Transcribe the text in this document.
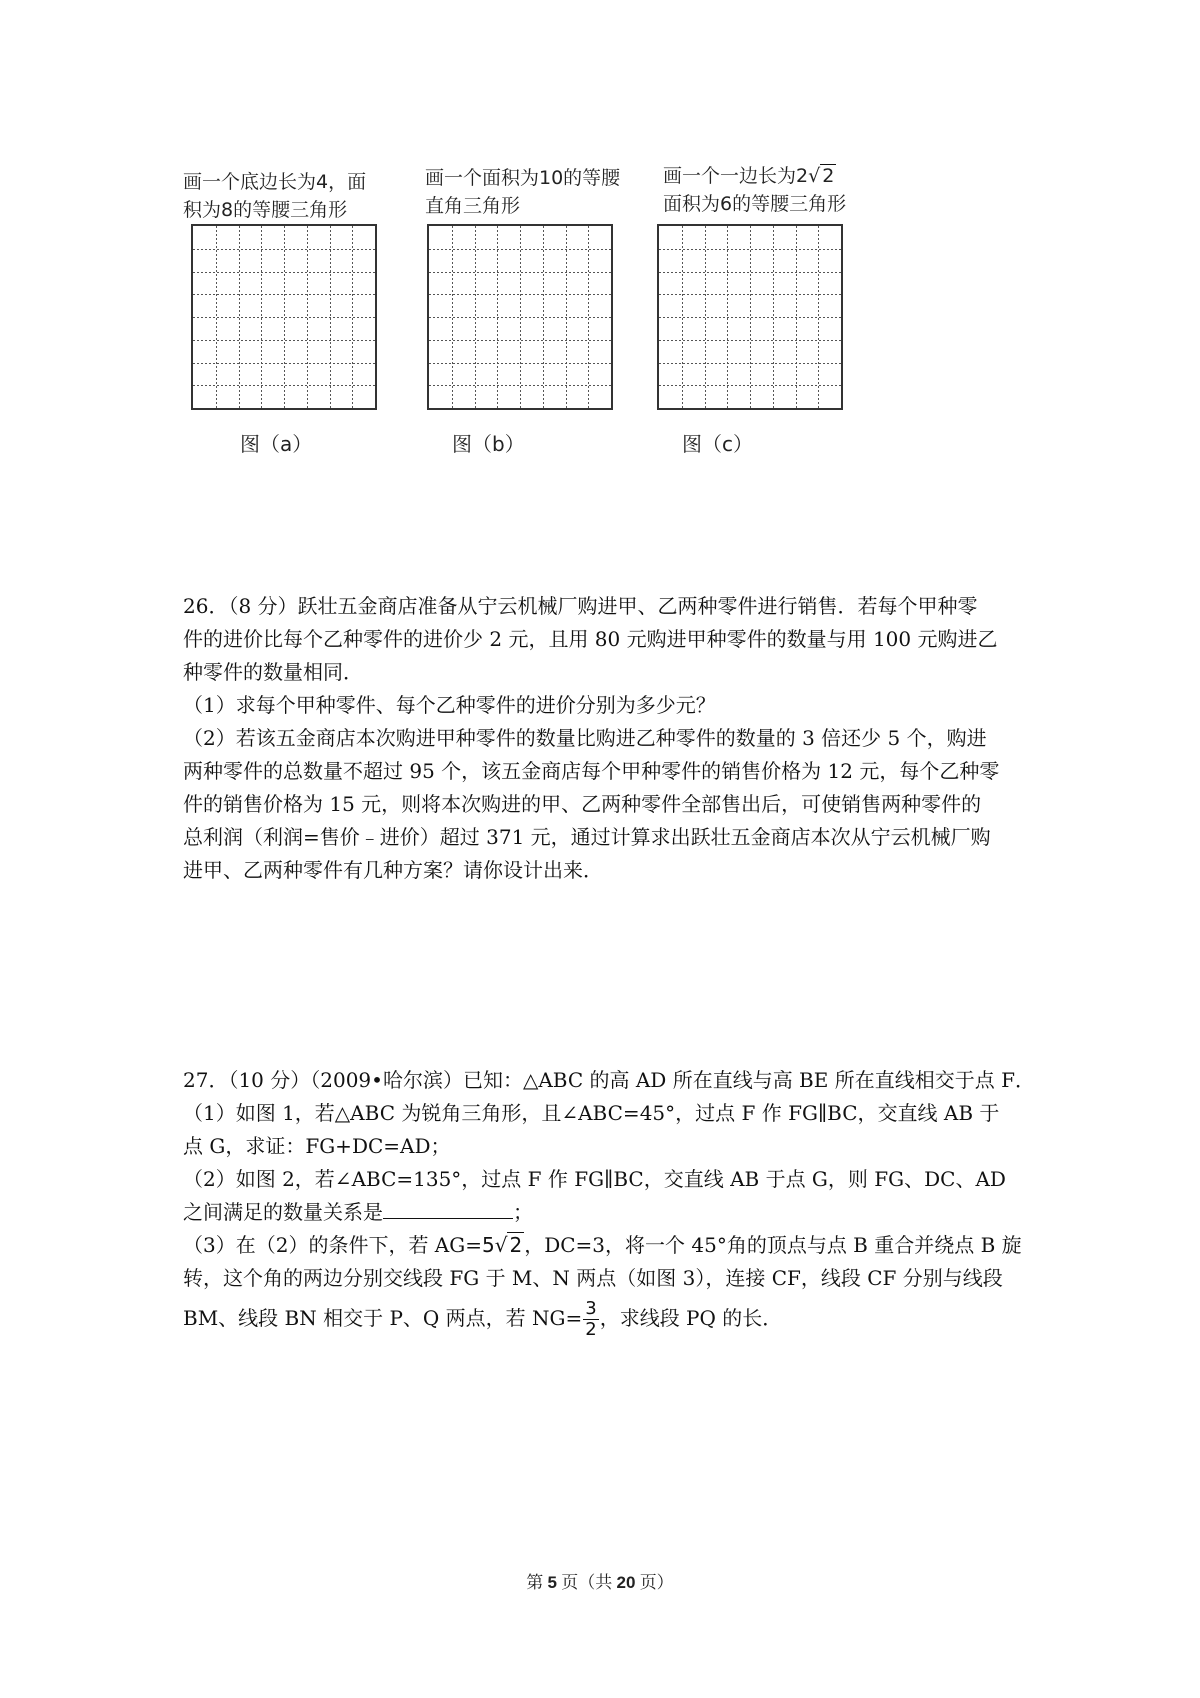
画一个底边长为4，面
积为8的等腰三角形
图（a）
画一个面积为10的等腰
直角三角形
图（b）
画一个一边长为2√ 2
面积为6的等腰三角形
图（c）

26．（8 分）跃壮五金商店准备从宁云机械厂购进甲、乙两种零件进行销售．若每个甲种零

件的进价比每个乙种零件的进价少 2 元，且用 80 元购进甲种零件的数量与用 100 元购进乙

种零件的数量相同．

（1）求每个甲种零件、每个乙种零件的进价分别为多少元？

（2）若该五金商店本次购进甲种零件的数量比购进乙种零件的数量的 3 倍还少 5 个，购进

两种零件的总数量不超过 95 个，该五金商店每个甲种零件的销售价格为 12 元，每个乙种零

件的销售价格为 15 元，则将本次购进的甲、乙两种零件全部售出后，可使销售两种零件的

总利润（利润=售价﹣进价）超过 371 元，通过计算求出跃壮五金商店本次从宁云机械厂购

进甲、乙两种零件有几种方案？请你设计出来．

27．（10 分）（2009•哈尔滨）已知：△ABC 的高 AD 所在直线与高 BE 所在直线相交于点 F．

（1）如图 1，若△ABC 为锐角三角形，且∠ABC=45°，过点 F 作 FG∥BC，交直线 AB 于

点 G，求证：FG+DC=AD；

（2）如图 2，若∠ABC=135°，过点 F 作 FG∥BC，交直线 AB 于点 G，则 FG、DC、AD

之间满足的数量关系是	；

（3）在（2）的条件下，若 AG=5√ 2 ，DC=3，将一个 45°角的顶点与点 B 重合并绕点 B 旋

转，这个角的两边分别交线段 FG 于 M、N 两点（如图 3），连接 CF，线段 CF 分别与线段

BM、线段 BN 相交于 P、Q 两点，若 $NG= \frac{3}{2}$ ，求线段 PQ 的长．

第 5 页（共 20 页）
